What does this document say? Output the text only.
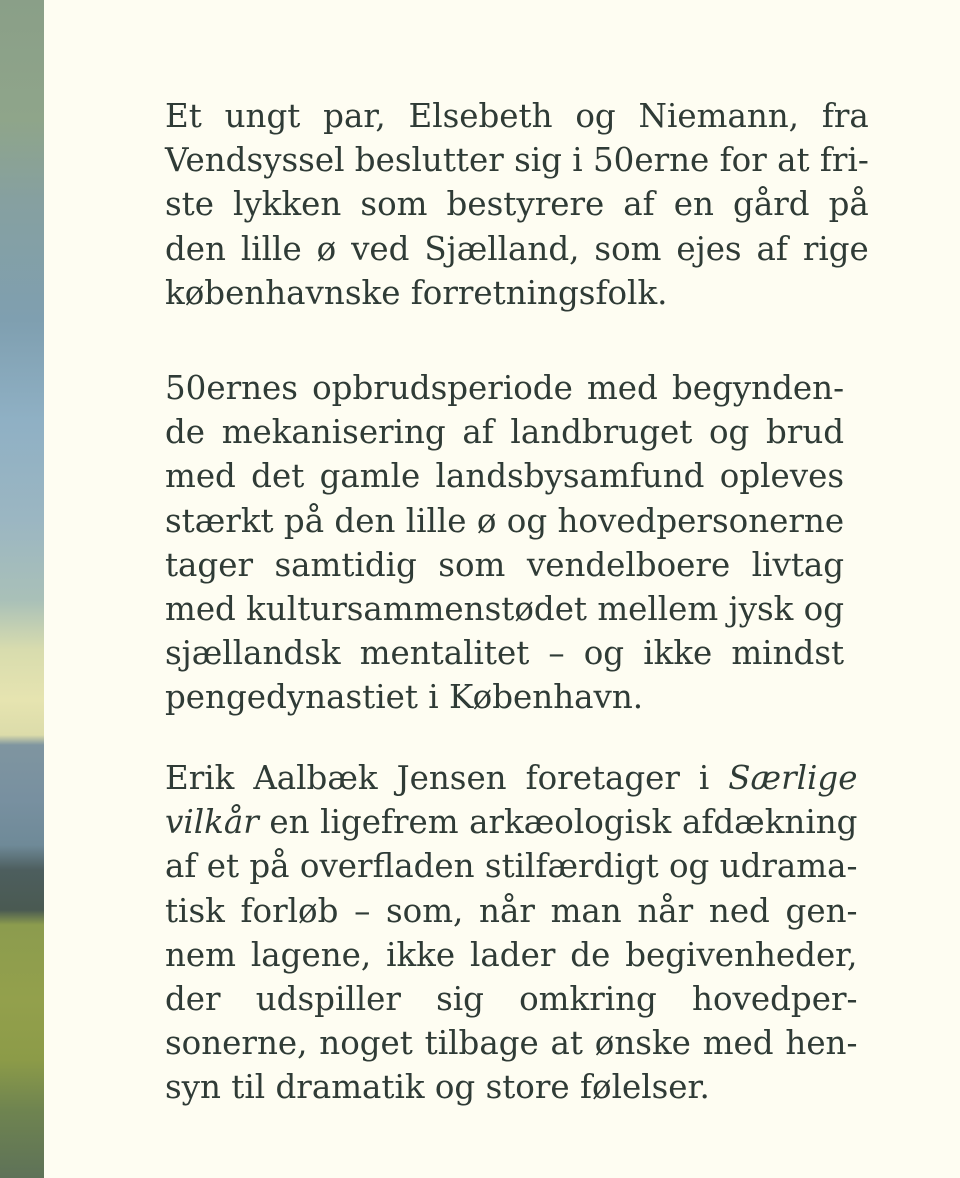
Et ungt par, Elsebeth og Niemann, fra
Vendsyssel beslutter sig i 50erne for at fri-
ste lykken som bestyrere af en gård på
den lille ø ved Sjælland, som ejes af rige
københavnske forretningsfolk.
50ernes opbrudsperiode med begynden-
de mekanisering af landbruget og brud
med det gamle landsbysamfund opleves
stærkt på den lille ø og hovedpersonerne
tager samtidig som vendelboere livtag
med kultursammenstødet mellem jysk og
sjællandsk mentalitet – og ikke mindst
pengedynastiet i København.
Erik Aalbæk Jensen foretager i Særlige
vilkår en ligefrem arkæologisk afdækning
af et på overfladen stilfærdigt og udrama-
tisk forløb – som, når man når ned gen-
nem lagene, ikke lader de begivenheder,
der udspiller sig omkring hovedper-
sonerne, noget tilbage at ønske med hen-
syn til dramatik og store følelser.
